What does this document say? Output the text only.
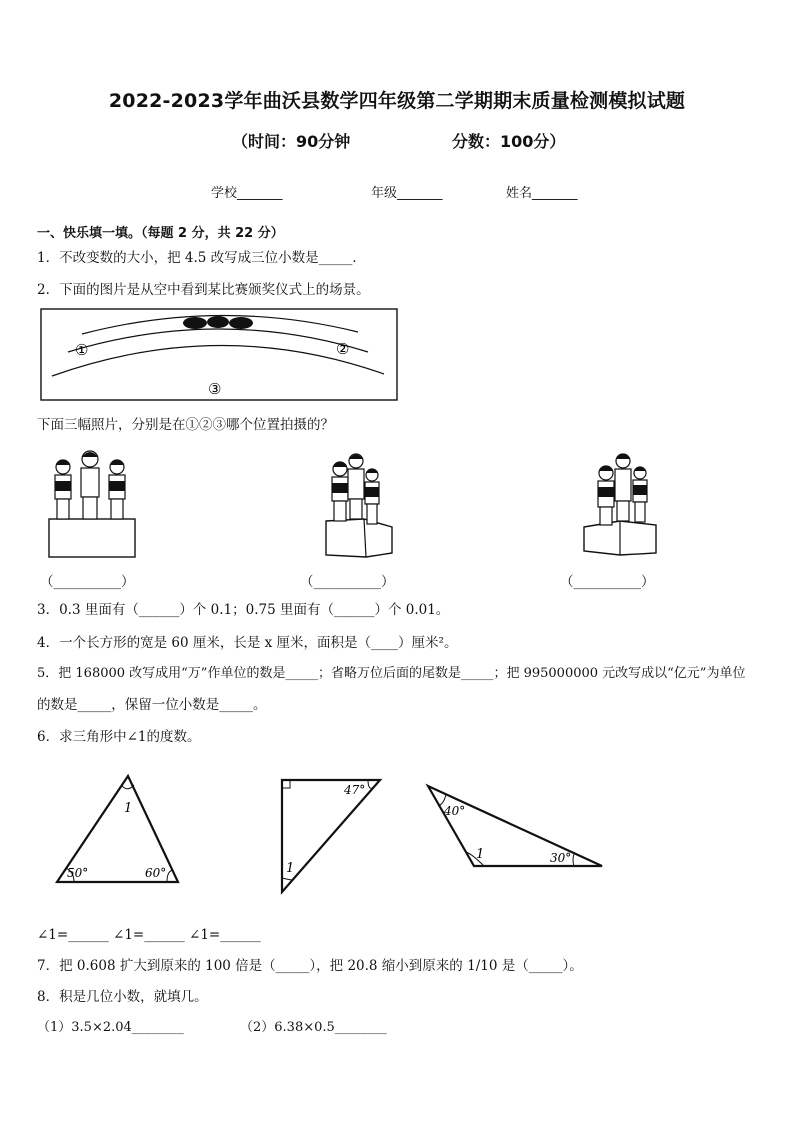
2022-2023学年曲沃县数学四年级第二学期期末质量检测模拟试题
（时间：90分钟	分数：100分）
学校_______	年级_______	姓名_______
一、快乐填一填。（每题 2 分，共 22 分）
1．不改变数的大小，把 4.5 改写成三位小数是_____．
2．下面的图片是从空中看到某比赛颁奖仪式上的场景。
①	②
③
下面三幅照片，分别是在①②③哪个位置拍摄的？
（__________）	（__________）	（__________）
3．0.3 里面有（______）个 0.1；0.75 里面有（______）个 0.01。
4．一个长方形的宽是 60 厘米，长是 x 厘米，面积是（____）厘米²。
5．把 168000 改写成用“万”作单位的数是_____；省略万位后面的尾数是_____；把 995000000 元改写成以“亿元”为单位
的数是_____，保留一位小数是_____。
6．求三角形中∠1的度数。
1
50°	60°
47°
1
40°
1	30°
∠1=______ ∠1=______ ∠1=______
7．把 0.608 扩大到原来的 100 倍是（_____），把 20.8 缩小到原来的 1/10 是（_____）。
8．积是几位小数，就填几。
（1）3.5×2.04________	（2）6.38×0.5________
